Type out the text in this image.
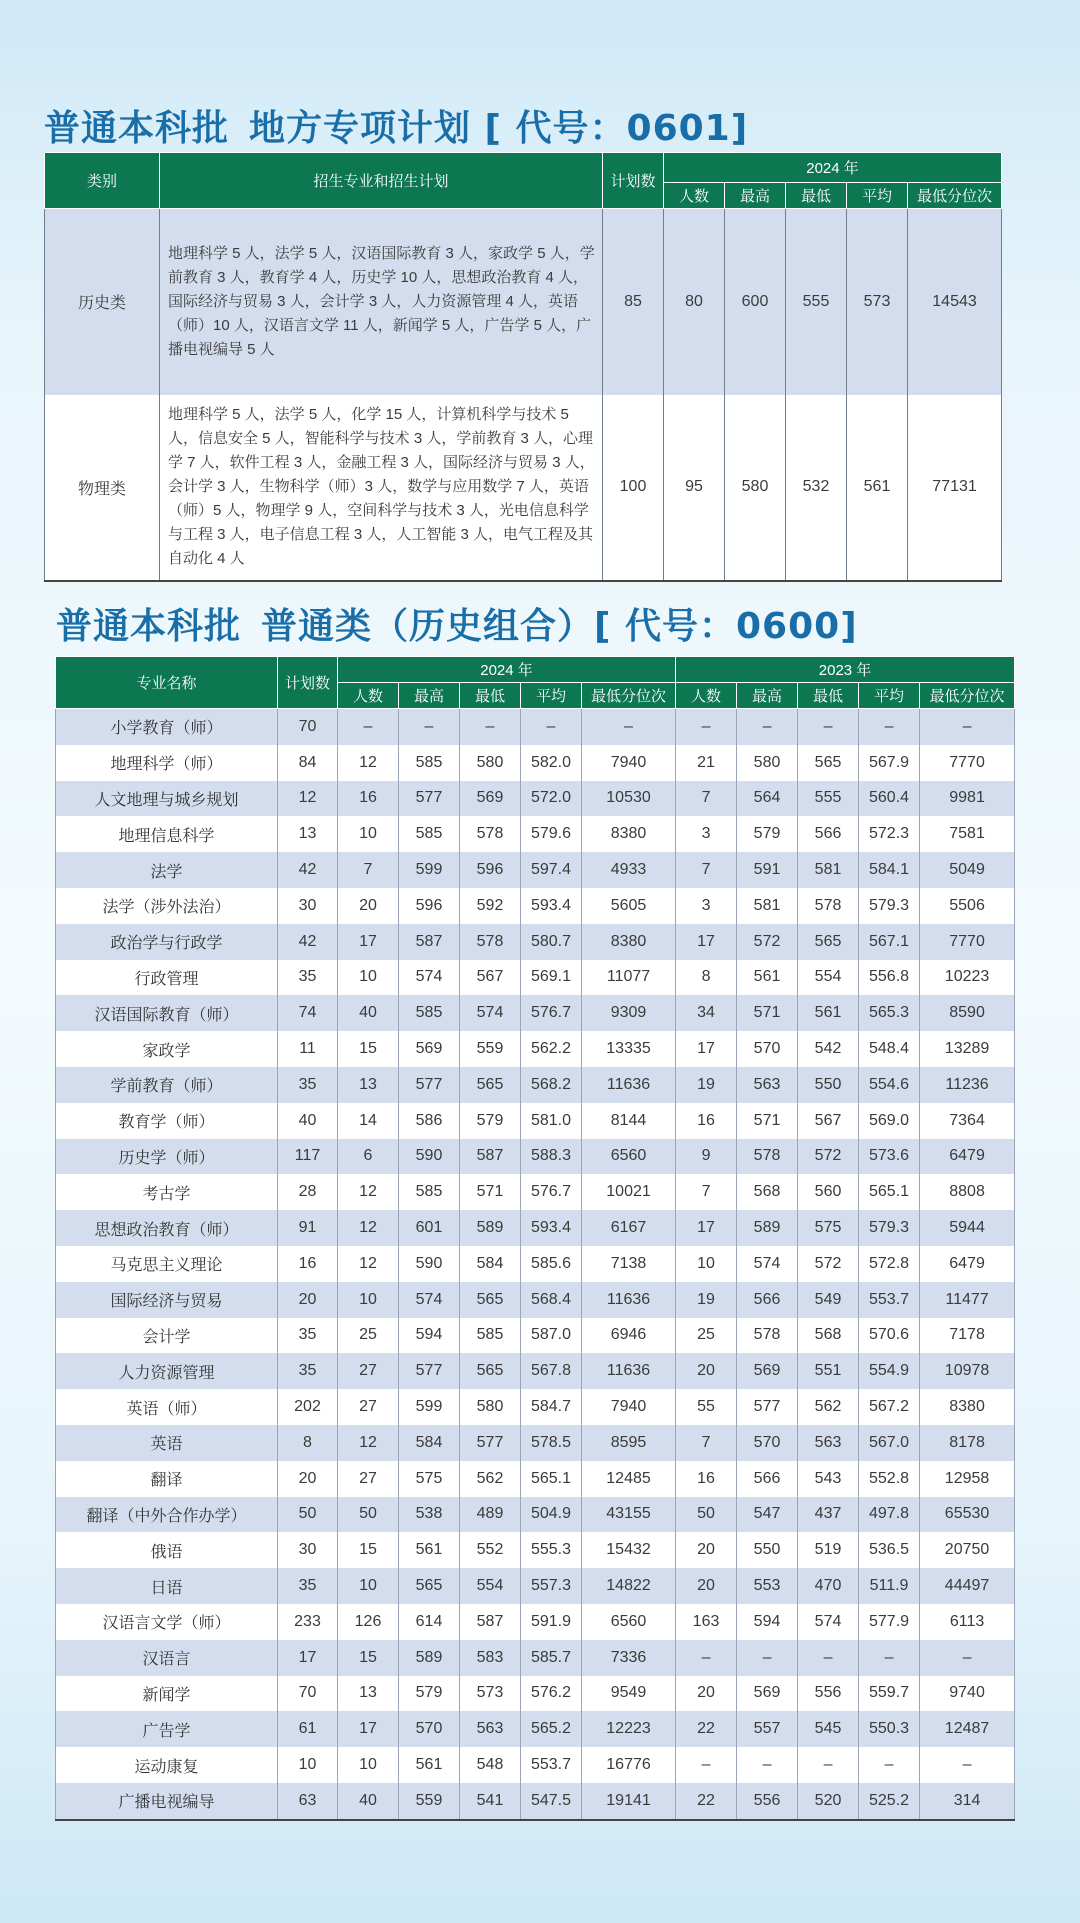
普通本科批 地方专项计划 [ 代号：0601]
类别	招生专业和招生计划	计划数	2024 年				
			人数	最高	最低	平均	最低分位次
历史类	地理科学 5 人，法学 5 人，汉语国际教育 3 人，家政学 5 人，学前教育 3 人，教育学 4 人，历史学 10 人，思想政治教育 4 人，国际经济与贸易 3 人，会计学 3 人，人力资源管理 4 人，英语（师）10 人，汉语言文学 11 人，新闻学 5 人，广告学 5 人，广播电视编导 5 人	85	80	600	555	573	14543
物理类	地理科学 5 人，法学 5 人，化学 15 人，计算机科学与技术 5 人，信息安全 5 人，智能科学与技术 3 人，学前教育 3 人，心理学 7 人，软件工程 3 人，金融工程 3 人，国际经济与贸易 3 人，会计学 3 人，生物科学（师）3 人，数学与应用数学 7 人，英语（师）5 人，物理学 9 人，空间科学与技术 3 人，光电信息科学与工程 3 人，电子信息工程 3 人，人工智能 3 人，电气工程及其自动化 4 人	100	95	580	532	561	77131
普通本科批 普通类（历史组合）[ 代号：0600]
专业名称	计划数	2024 年					2023 年				
		人数	最高	最低	平均	最低分位次	人数	最高	最低	平均	最低分位次
小学教育（师）	70	–	–	–	–	–	–	–	–	–	–
地理科学（师）	84	12	585	580	582.0	7940	21	580	565	567.9	7770
人文地理与城乡规划	12	16	577	569	572.0	10530	7	564	555	560.4	9981
地理信息科学	13	10	585	578	579.6	8380	3	579	566	572.3	7581
法学	42	7	599	596	597.4	4933	7	591	581	584.1	5049
法学（涉外法治）	30	20	596	592	593.4	5605	3	581	578	579.3	5506
政治学与行政学	42	17	587	578	580.7	8380	17	572	565	567.1	7770
行政管理	35	10	574	567	569.1	11077	8	561	554	556.8	10223
汉语国际教育（师）	74	40	585	574	576.7	9309	34	571	561	565.3	8590
家政学	11	15	569	559	562.2	13335	17	570	542	548.4	13289
学前教育（师）	35	13	577	565	568.2	11636	19	563	550	554.6	11236
教育学（师）	40	14	586	579	581.0	8144	16	571	567	569.0	7364
历史学（师）	117	6	590	587	588.3	6560	9	578	572	573.6	6479
考古学	28	12	585	571	576.7	10021	7	568	560	565.1	8808
思想政治教育（师）	91	12	601	589	593.4	6167	17	589	575	579.3	5944
马克思主义理论	16	12	590	584	585.6	7138	10	574	572	572.8	6479
国际经济与贸易	20	10	574	565	568.4	11636	19	566	549	553.7	11477
会计学	35	25	594	585	587.0	6946	25	578	568	570.6	7178
人力资源管理	35	27	577	565	567.8	11636	20	569	551	554.9	10978
英语（师）	202	27	599	580	584.7	7940	55	577	562	567.2	8380
英语	8	12	584	577	578.5	8595	7	570	563	567.0	8178
翻译	20	27	575	562	565.1	12485	16	566	543	552.8	12958
翻译（中外合作办学）	50	50	538	489	504.9	43155	50	547	437	497.8	65530
俄语	30	15	561	552	555.3	15432	20	550	519	536.5	20750
日语	35	10	565	554	557.3	14822	20	553	470	511.9	44497
汉语言文学（师）	233	126	614	587	591.9	6560	163	594	574	577.9	6113
汉语言	17	15	589	583	585.7	7336	–	–	–	–	–
新闻学	70	13	579	573	576.2	9549	20	569	556	559.7	9740
广告学	61	17	570	563	565.2	12223	22	557	545	550.3	12487
运动康复	10	10	561	548	553.7	16776	–	–	–	–	–
广播电视编导	63	40	559	541	547.5	19141	22	556	520	525.2	314
